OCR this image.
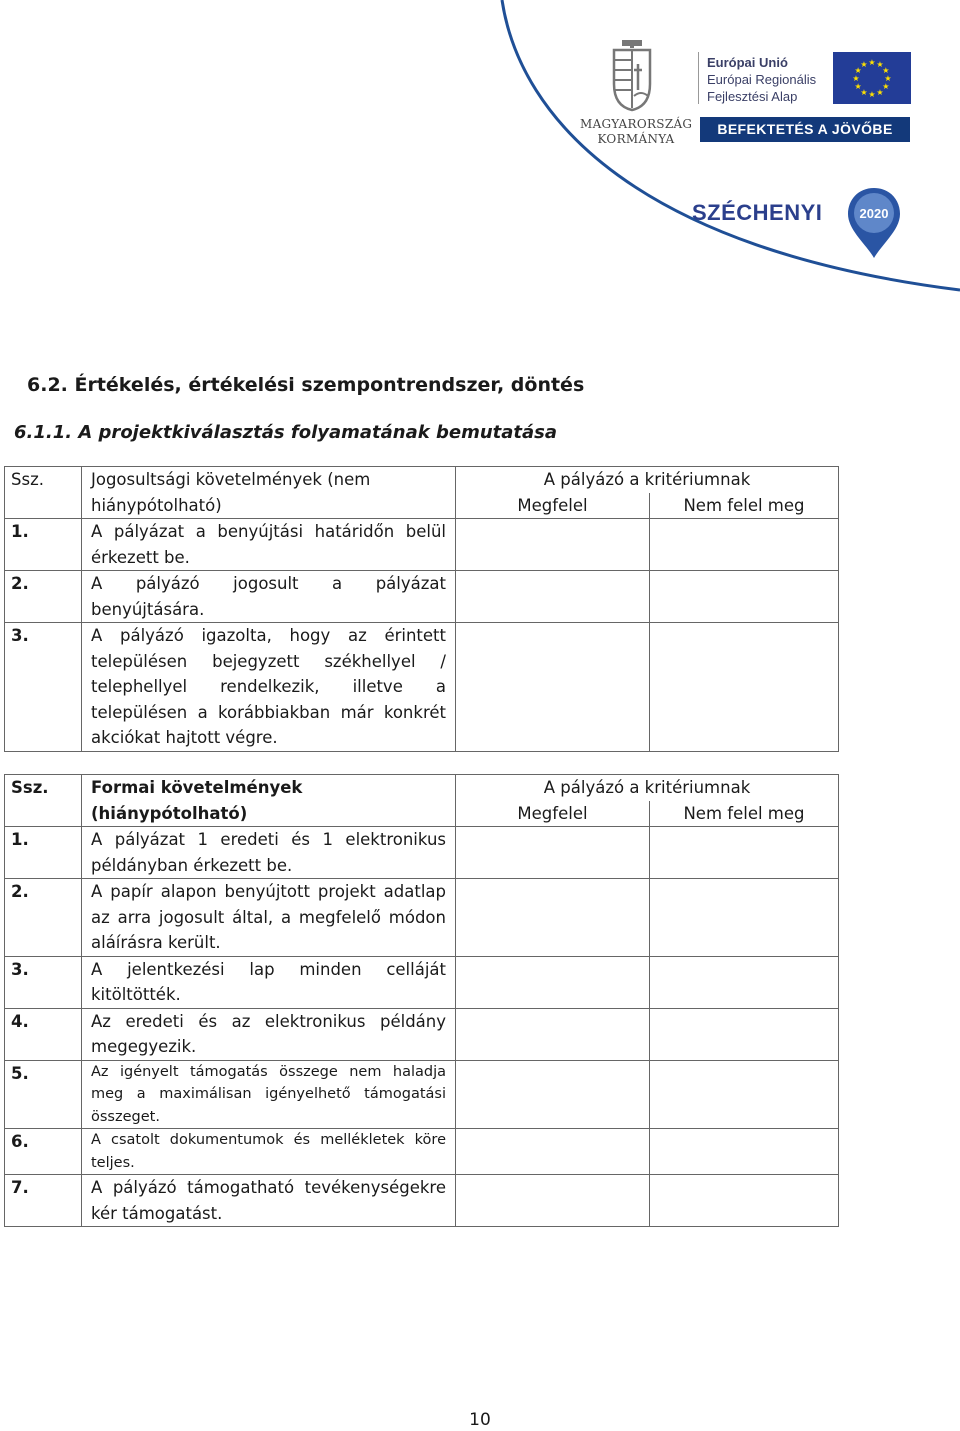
MAGYARORSZÁG
KORMÁNYA
Európai Unió
Európai Regionális
Fejlesztési Alap
★
★
★
★
★
★
★
★
★ ★ ★
★
BEFEKTETÉS A JÖVŐBE
SZÉCHENYI	2020
6.2. Értékelés, értékelési szempontrendszer, döntés
6.1.1. A projektkiválasztás folyamatának bemutatása
Ssz.	Jogosultsági követelmények (nem hiánypótolható)	A pályázó a kritériumnak	
		Megfelel	Nem felel meg
1.	A pályázat a benyújtási határidőn belül érkezett be.		
2.	A pályázó jogosult a pályázat benyújtására.		
3.	A pályázó igazolta, hogy az érintett településen bejegyzett székhellyel / telephellyel rendelkezik, illetve a településen a korábbiakban már konkrét akciókat hajtott végre.		
Ssz.	Formai követelmények (hiánypótolható)	A pályázó a kritériumnak	
		Megfelel	Nem felel meg
1.	A pályázat 1 eredeti és 1 elektronikus példányban érkezett be.		
2.	A papír alapon benyújtott projekt adatlap az arra jogosult által, a megfelelő módon aláírásra került.		
3.	A jelentkezési lap minden celláját kitöltötték.		
4.	Az eredeti és az elektronikus példány megegyezik.		
5.	Az igényelt támogatás összege nem haladja meg a maximálisan igényelhető támogatási összeget.		
6.	A csatolt dokumentumok és mellékletek köre teljes.		
7.	A pályázó támogatható tevékenységekre kér támogatást.		
10
